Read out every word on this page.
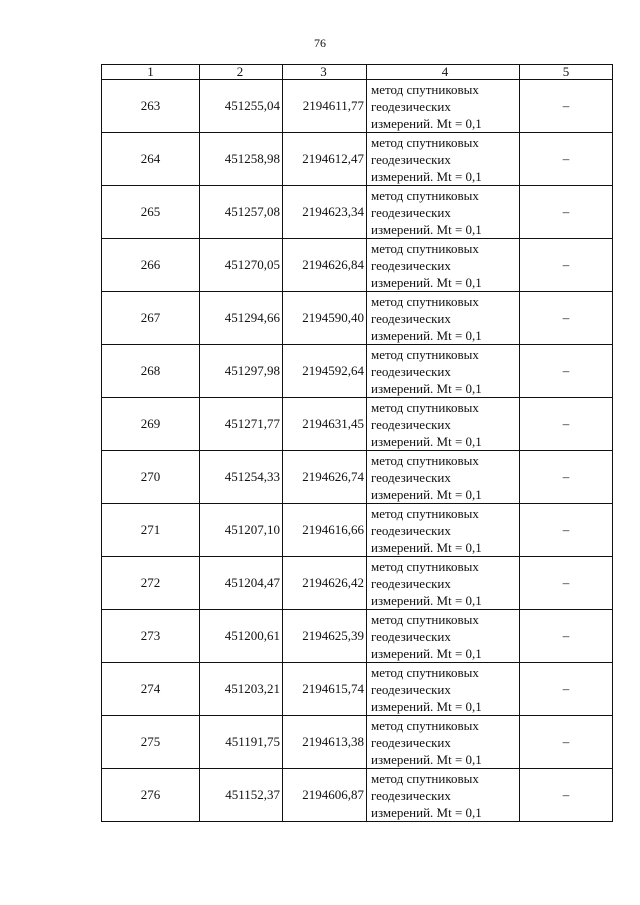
76
1	2	3	4	5
263	451255,04	2194611,77	метод спутниковых
геодезических
измерений. Mt = 0,1	–
264	451258,98	2194612,47	метод спутниковых
геодезических
измерений. Mt = 0,1	–
265	451257,08	2194623,34	метод спутниковых
геодезических
измерений. Mt = 0,1	–
266	451270,05	2194626,84	метод спутниковых
геодезических
измерений. Mt = 0,1	–
267	451294,66	2194590,40	метод спутниковых
геодезических
измерений. Mt = 0,1	–
268	451297,98	2194592,64	метод спутниковых
геодезических
измерений. Mt = 0,1	–
269	451271,77	2194631,45	метод спутниковых
геодезических
измерений. Mt = 0,1	–
270	451254,33	2194626,74	метод спутниковых
геодезических
измерений. Mt = 0,1	–
271	451207,10	2194616,66	метод спутниковых
геодезических
измерений. Mt = 0,1	–
272	451204,47	2194626,42	метод спутниковых
геодезических
измерений. Mt = 0,1	–
273	451200,61	2194625,39	метод спутниковых
геодезических
измерений. Mt = 0,1	–
274	451203,21	2194615,74	метод спутниковых
геодезических
измерений. Mt = 0,1	–
275	451191,75	2194613,38	метод спутниковых
геодезических
измерений. Mt = 0,1	–
276	451152,37	2194606,87	метод спутниковых
геодезических
измерений. Mt = 0,1	–
